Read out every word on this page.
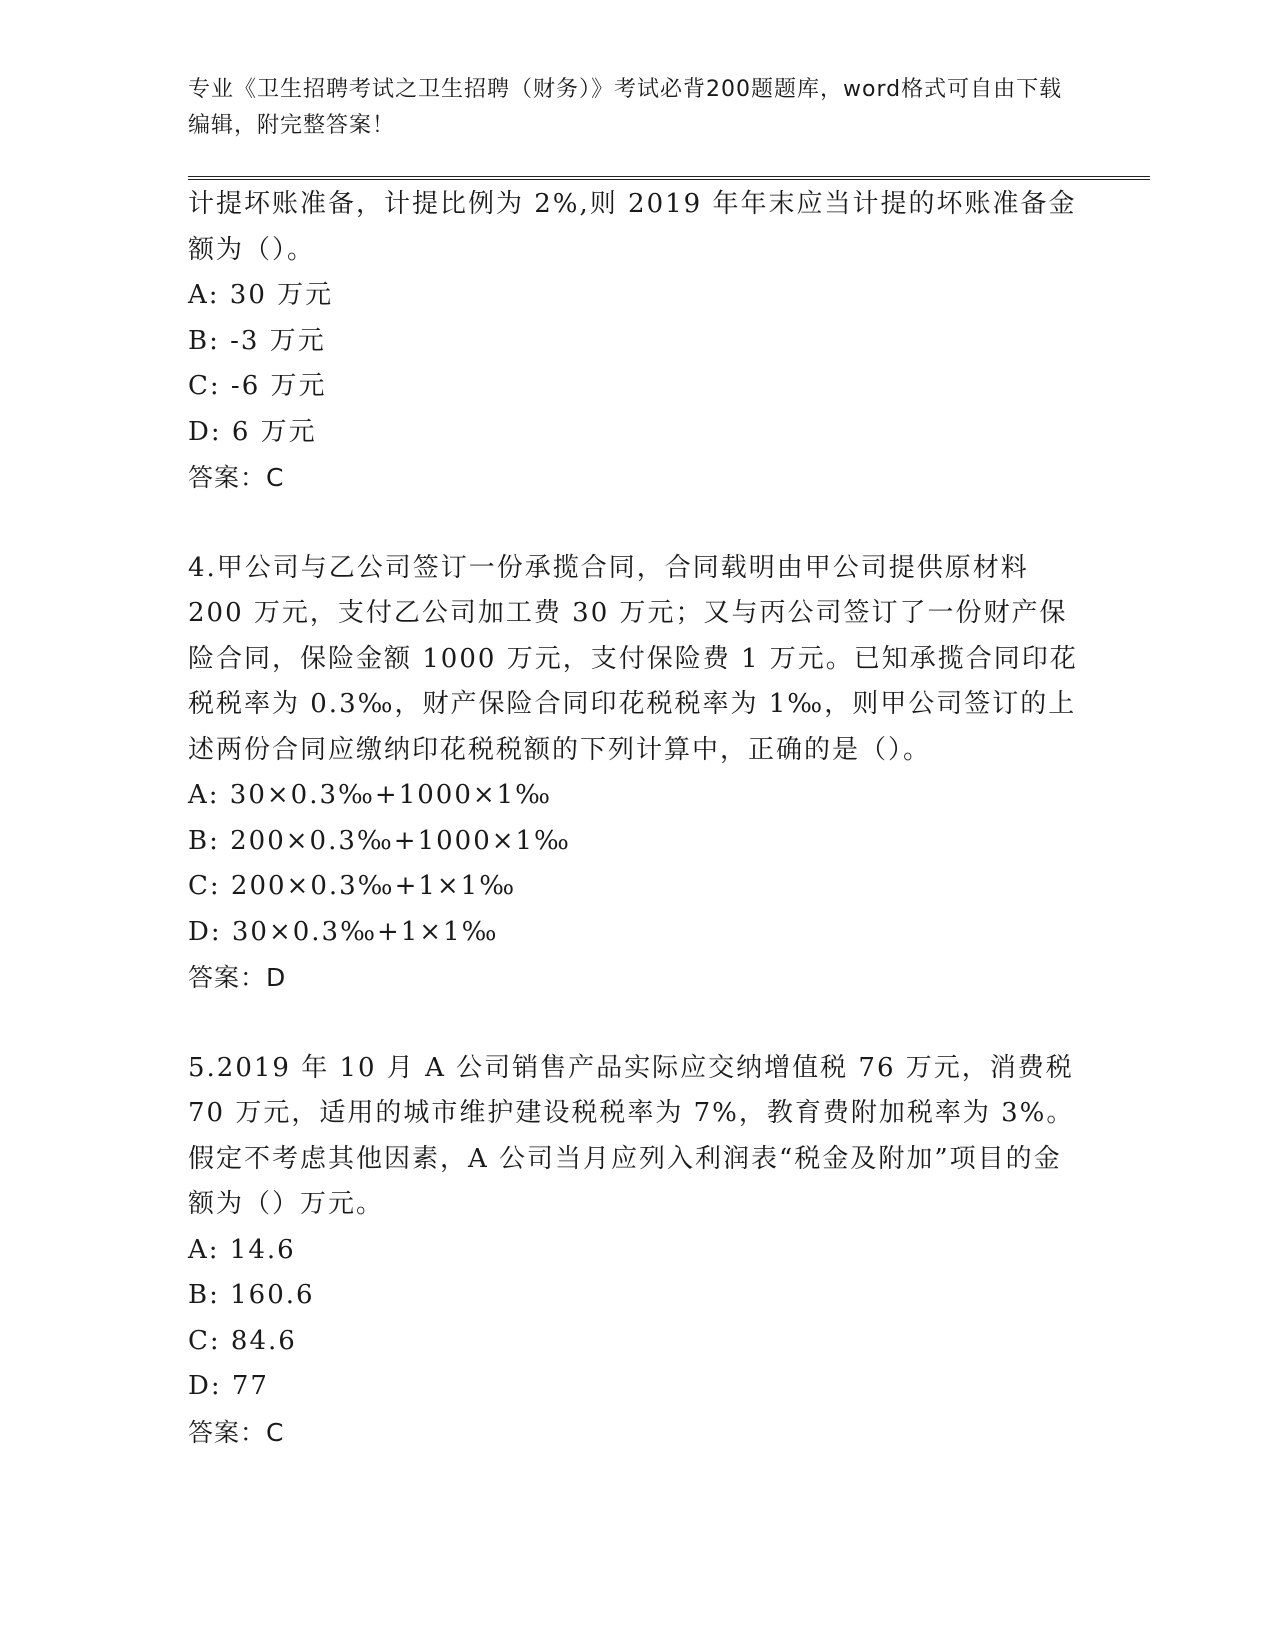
专业《卫生招聘考试之卫生招聘（财务）》考试必背200题题库，word格式可自由下载编辑，附完整答案！
计提坏账准备，计提比例为 2%,则 2019 年年末应当计提的坏账准备金额为（）。
A: 30 万元
B: -3 万元
C: -6 万元
D: 6 万元
答案：C
4.甲公司与乙公司签订一份承揽合同，合同载明由甲公司提供原材料 200 万元，支付乙公司加工费 30 万元；又与丙公司签订了一份财产保险合同，保险金额 1000 万元，支付保险费 1 万元。已知承揽合同印花税税率为 0.3‰，财产保险合同印花税税率为 1‰，则甲公司签订的上述两份合同应缴纳印花税税额的下列计算中，正确的是（）。
A: 30×0.3‰+1000×1‰
B: 200×0.3‰+1000×1‰
C: 200×0.3‰+1×1‰
D: 30×0.3‰+1×1‰
答案：D
5.2019 年 10 月 A 公司销售产品实际应交纳增值税 76 万元，消费税 70 万元，适用的城市维护建设税税率为 7%，教育费附加税率为 3%。假定不考虑其他因素，A 公司当月应列入利润表“税金及附加”项目的金额为（）万元。
A: 14.6
B: 160.6
C: 84.6
D: 77
答案：C
